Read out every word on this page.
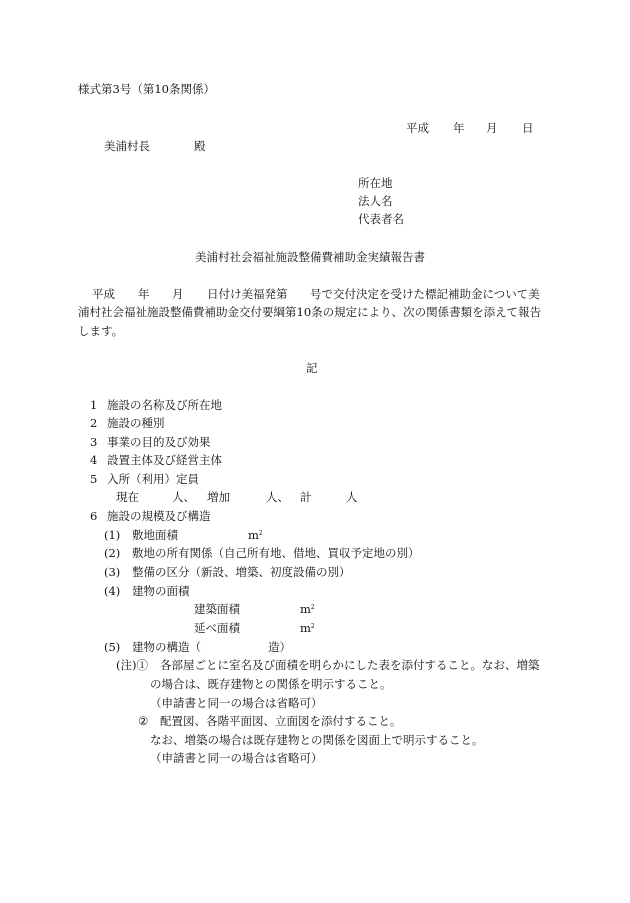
様式第3号（第10条関係）
平成 年 月 日
美浦村長	殿
所在地
法人名
代表者名
美浦村社会福祉施設整備費補助金実績報告書
平成 年 月 日付け美福発第 号で交付決定を受けた標記補助金について美
浦村社会福祉施設整備費補助金交付要綱第10条の規定により、次の関係書類を添えて報告
します。
記
1 施設の名称及び所在地
2 施設の種別
3 事業の目的及び効果
4 設置主体及び経営主体
5 入所（利用）定員
現在	人、 増加	人、 計	人
6 施設の規模及び構造
(1) 敷地面積	$m^2$
(2) 敷地の所有関係（自己所有地、借地、買収予定地の別）
(3) 整備の区分（新設、増築、初度設備の別）
(4) 建物の面積
建築面積	$m^2$
延べ面積	$m^2$
(5) 建物の構造（	造）
(注)① 各部屋ごとに室名及び面積を明らかにした表を添付すること。なお、増築
の場合は、既存建物との関係を明示すること。
（申請書と同一の場合は省略可）
② 配置図、各階平面図、立面図を添付すること。
なお、増築の場合は既存建物との関係を図面上で明示すること。
（申請書と同一の場合は省略可）
